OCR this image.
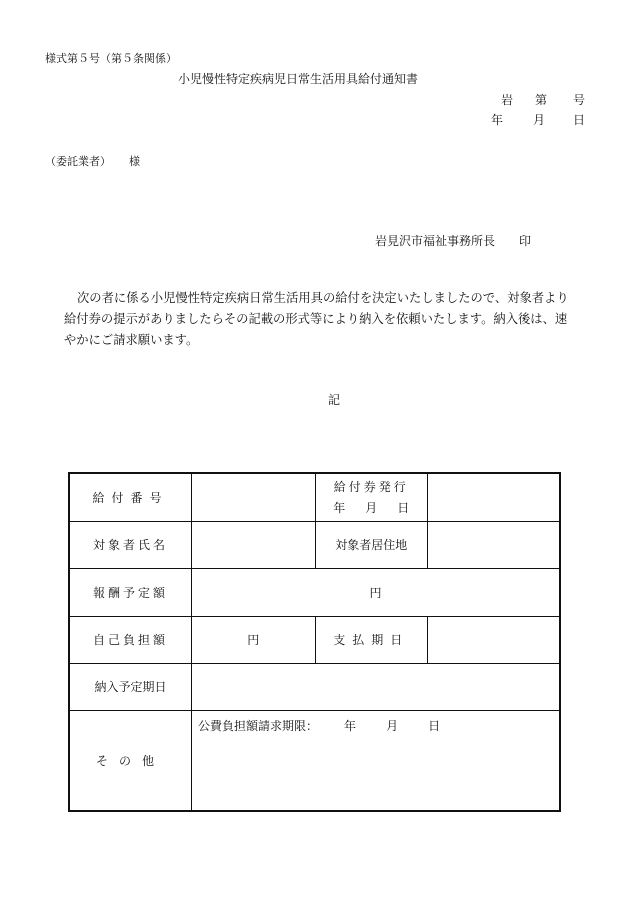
様式第５号（第５条関係）
小児慢性特定疾病児日常生活用具給付通知書
岩 第 号
年	月 日
（委託業者） 様
岩見沢市福祉事務所長 印
次の者に係る小児慢性特定疾病日常生活用具の給付を決定いたしましたので、対象者より給付券の提示がありましたらその記載の形式等により納入を依頼いたします。納入後は、速やかにご請求願います。
記
給付番号		給付券発行
年 月 日	

対象者氏名		対象者居住地	
報酬予定額	円		
自己負担額	円	支払期日	
納入予定期日			
その他	公費負担額請求期限： 年 月 日		
